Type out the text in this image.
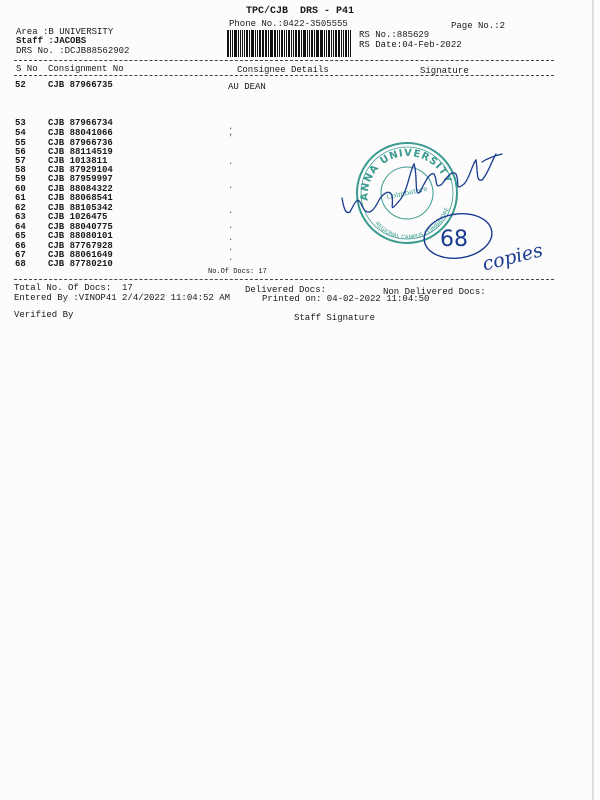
TPC/CJB  DRS - P41
Phone No.:0422-3505555	Page No.:2
Area :B UNIVERSITY
Staff :JACOBS
DRS No. :DCJB88562902
RS No.:885629
RS Date:04-Feb-2022
S No Consignment No	Consignee Details	Signature
52 CJB 87966735	AU DEAN
53 CJB 87966734
54 CJB 88041066
55 CJB 87966736
56 CJB 88114519
57 CJB 1013811
58 CJB 87929104
59 CJB 87959997
60 CJB 88084322
61 CJB 88068541
62 CJB 88105342
63 CJB 1026475
64 CJB 88040775
65 CJB 88080101
66 CJB 87767928
67 CJB 88061649
68 CJB 87780210
.
'
.
.
.
.
.
.
.
No.Of Docs: 17
Total No. Of Docs:  17	Delivered Docs:	Non Delivered Docs:
Entered By :VINOP41 2/4/2022 11:04:52 AM	Printed on: 04-02-2022 11:04:50
Verified By	Staff Signature
ANNA UNIVERSITY
REGIONAL CAMPUS COIMBATORE
Coimbatore
68 copies
